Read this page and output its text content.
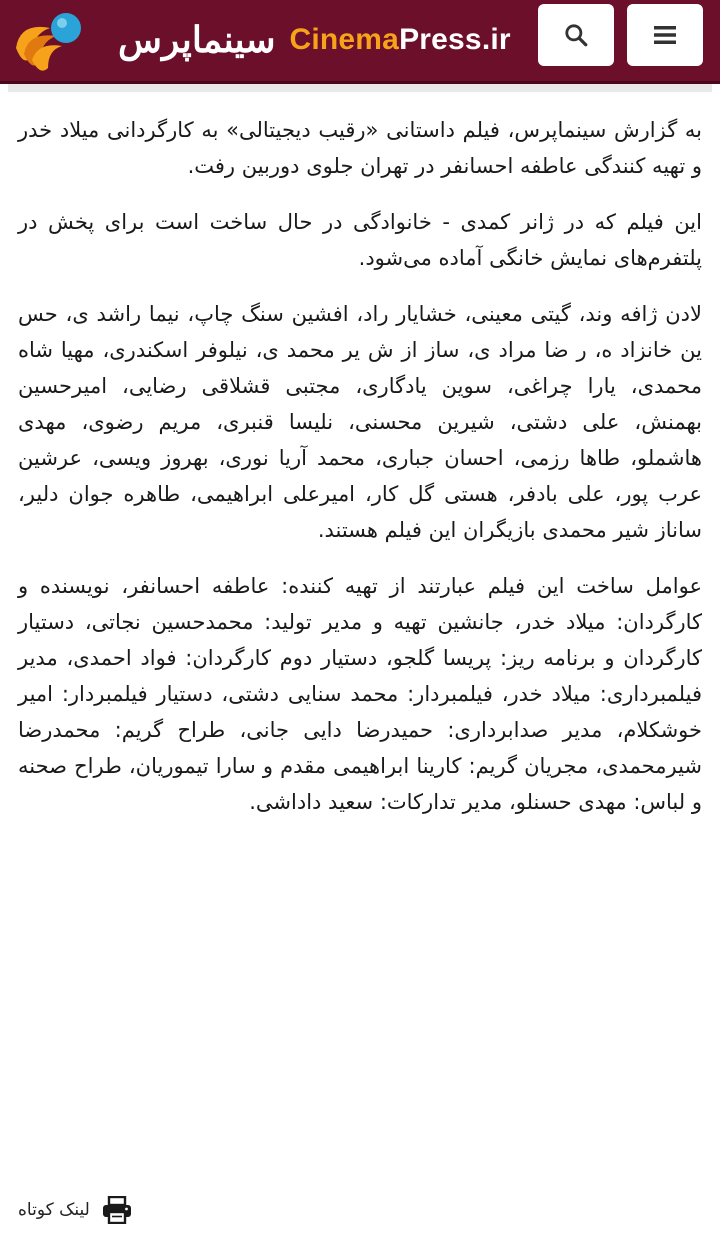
سینماپرس CinemaPress.ir

به گزارش سینماپرس، فیلم داستانی «رقیب دیجیتالی» به کارگردانی میلاد خدر و تهیه کنندگی عاطفه احسانفر در تهران جلوی دوربین رفت.

این فیلم که در ژانر کمدی - خانوادگی در حال ساخت است برای پخش در پلتفرم‌های نمایش خانگی آماده می‌شود.

لادن ژافه وند، گیتی معینی، خشایار راد، افشین سنگ چاپ، نیما راشد ی، حس ین خانزاد ه، ر ضا مراد ی، ساز از ش یر محمد ی، نیلوفر اسکندری، مهیا شاه محمدی، یارا چراغی، سوین یادگاری، مجتبی قشلاقی رضایی، امیرحسین بهمنش، علی دشتی، شیرین محسنی، نلیسا قنبری، مریم رضوی، مهدی هاشملو، طاها رزمی، احسان جباری، محمد آریا نوری، بهروز ویسی، عرشین عرب پور، علی بادفر، هستی گل کار، امیرعلی ابراهیمی، طاهره جوان دلیر، ساناز شیر محمدی بازیگران این فیلم هستند.

عوامل ساخت این فیلم عبارتند از تهیه کننده: عاطفه احسانفر، نویسنده و کارگردان: میلاد خدر، جانشین تهیه و مدیر تولید: محمدحسین نجاتی، دستیار کارگردان و برنامه ریز: پریسا گلجو، دستیار دوم کارگردان: فواد احمدی، مدیر فیلمبرداری: میلاد خدر، فیلمبردار: محمد سنایی دشتی، دستیار فیلمبردار: امیر خوشکلام، مدیر صدابرداری: حمیدرضا دایی جانی، طراح گریم: محمدرضا شیرمحمدی، مجریان گریم: کارینا ابراهیمی مقدم و سارا تیموریان، طراح صحنه و لباس: مهدی حسنلو، مدیر تدارکات: سعید داداشی.

لینک کوتاه
